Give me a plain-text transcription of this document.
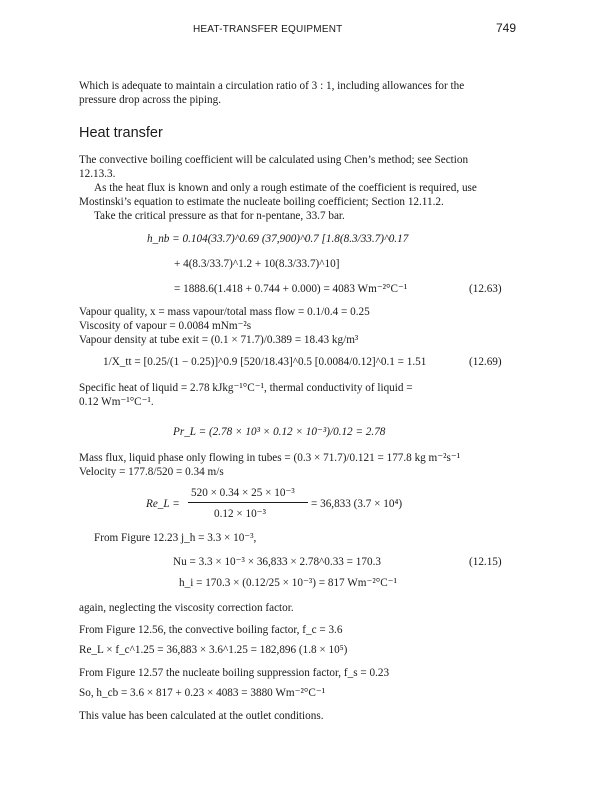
HEAT-TRANSFER EQUIPMENT	749
Which is adequate to maintain a circulation ratio of 3 : 1, including allowances for the
pressure drop across the piping.
Heat transfer
The convective boiling coefficient will be calculated using Chen’s method; see Section
12.13.3.
As the heat flux is known and only a rough estimate of the coefficient is required, use
Mostinski’s equation to estimate the nucleate boiling coefficient; Section 12.11.2.
Take the critical pressure as that for n-pentane, 33.7 bar.
h_nb = 0.104(33.7)^0.69 (37,900)^0.7 [1.8(8.3/33.7)^0.17
+ 4(8.3/33.7)^1.2 + 10(8.3/33.7)^10]
= 1888.6(1.418 + 0.744 + 0.000) = 4083 Wm⁻²°C⁻¹	(12.63)
Vapour quality, x = mass vapour/total mass flow = 0.1/0.4 = 0.25
Viscosity of vapour = 0.0084 mNm⁻²s
Vapour density at tube exit = (0.1 × 71.7)/0.389 = 18.43 kg/m³
1/X_tt = [0.25/(1 − 0.25)]^0.9 [520/18.43]^0.5 [0.0084/0.12]^0.1 = 1.51	(12.69)
Specific heat of liquid = 2.78 kJkg⁻¹°C⁻¹, thermal conductivity of liquid =
0.12 Wm⁻¹°C⁻¹.
Pr_L = (2.78 × 10³ × 0.12 × 10⁻³)/0.12 = 2.78
Mass flux, liquid phase only flowing in tubes = (0.3 × 71.7)/0.121 = 177.8 kg m⁻²s⁻¹
Velocity = 177.8/520 = 0.34 m/s
Re_L =
520 × 0.34 × 25 × 10⁻³
0.12 × 10⁻³
= 36,833 (3.7 × 10⁴)
From Figure 12.23 j_h = 3.3 × 10⁻³,
Nu = 3.3 × 10⁻³ × 36,833 × 2.78^0.33 = 170.3	(12.15)
h_i = 170.3 × (0.12/25 × 10⁻³) = 817 Wm⁻²°C⁻¹
again, neglecting the viscosity correction factor.
From Figure 12.56, the convective boiling factor, f_c = 3.6
Re_L × f_c^1.25 = 36,883 × 3.6^1.25 = 182,896 (1.8 × 10⁵)
From Figure 12.57 the nucleate boiling suppression factor, f_s = 0.23
So, h_cb = 3.6 × 817 + 0.23 × 4083 = 3880 Wm⁻²°C⁻¹
This value has been calculated at the outlet conditions.
